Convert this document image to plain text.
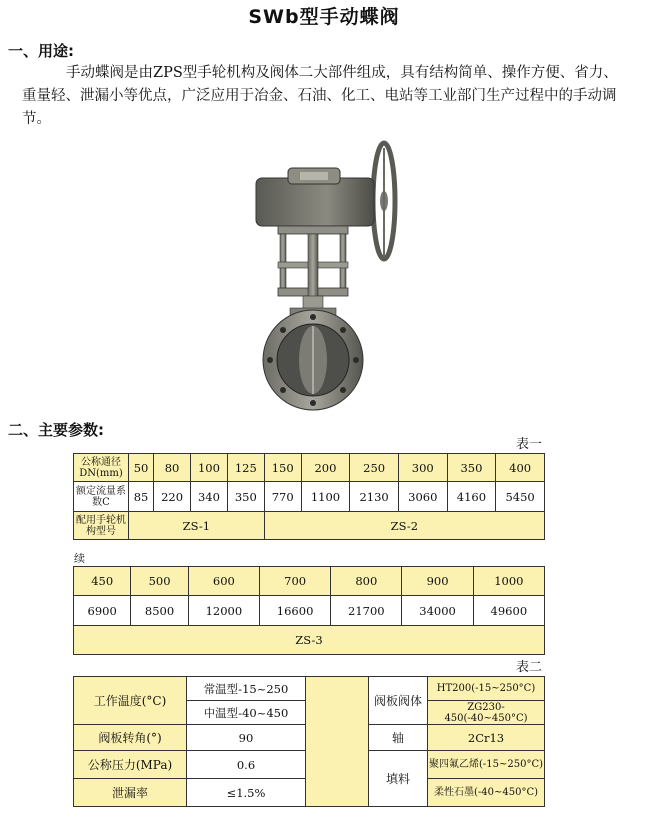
SWb型手动蝶阀
一、用途:
手动蝶阀是由ZPS型手轮机构及阀体二大部件组成，具有结构简单、操作方便、省力、重量轻、泄漏小等优点，广泛应用于冶金、石油、化工、电站等工业部门生产过程中的手动调节。
二、主要参数:
表一
公称通径DN(mm)	50	80	100	125	150	200	250	300	350	400
额定流量系数C	85	220	340	350	770	1100	2130	3060	4160	5450
配用手轮机构型号	ZS-1				ZS-2					
续
450	500	600	700	800	900	1000
6900	8500	12000	16600	21700	34000	49600
ZS-3						
表二
工作温度(°C)	常温型-15~250		阀板阀体	HT200(-15~250°C)
	中温型-40~450			ZG230-450(-40~450°C)
阀板转角(°)	90		轴	2Cr13
公称压力(MPa)	0.6		填料	聚四氟乙烯(-15~250°C)
泄漏率	≤1.5%			柔性石墨(-40~450°C)
